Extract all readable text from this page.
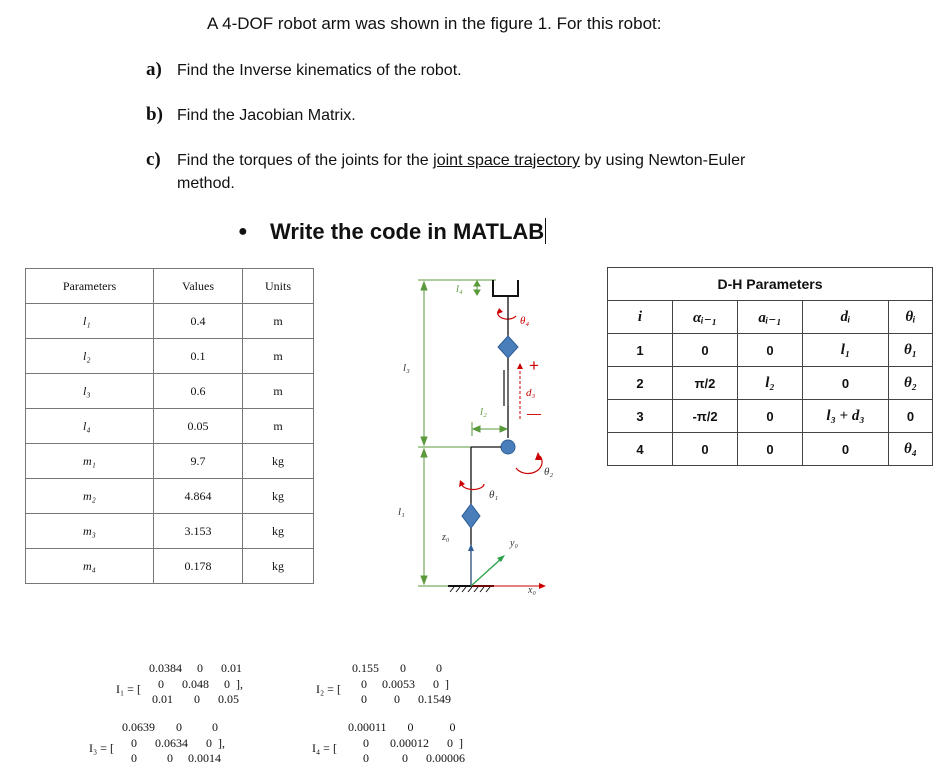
A 4-DOF robot arm was shown in the figure 1. For this robot:
a) Find the Inverse kinematics of the robot.
b) Find the Jacobian Matrix.
c) Find the torques of the joints for the joint space trajectory by using Newton-Euler
method.
● Write the code in MATLAB
Parameters	Values	Units
l₁	0.4	m
l₂	0.1	m
l₃	0.6	m
l₄	0.05	m
m₁	9.7	kg
m₂	4.864	kg
m₃	3.153	kg
m₄	0.178	kg
l₃
l₁
l₄
θ₄
+
d₃
—
l₂
θ₂
θ₁
z₀
x₀
y₀
D-H Parameters				
i	αᵢ₋₁	aᵢ₋₁	dᵢ	θᵢ
1	0	0	l₁	θ₁
2	π/2	l₂	0	θ₂
3	-π/2	0	l₃ + d₃	0
4	0	0	0	θ₄
I₁ = [
0.0384     0      0.01
0      0.048     0  ],
0.01       0      0.05
I₂ = [
0.155       0          0
0     0.0053      0  ]
0         0      0.1549
I₃ = [
0.0639       0          0
0      0.0634      0  ],
0          0     0.0014
I₄ = [
0.00011       0            0
0       0.00012      0  ]
0           0      0.00006
